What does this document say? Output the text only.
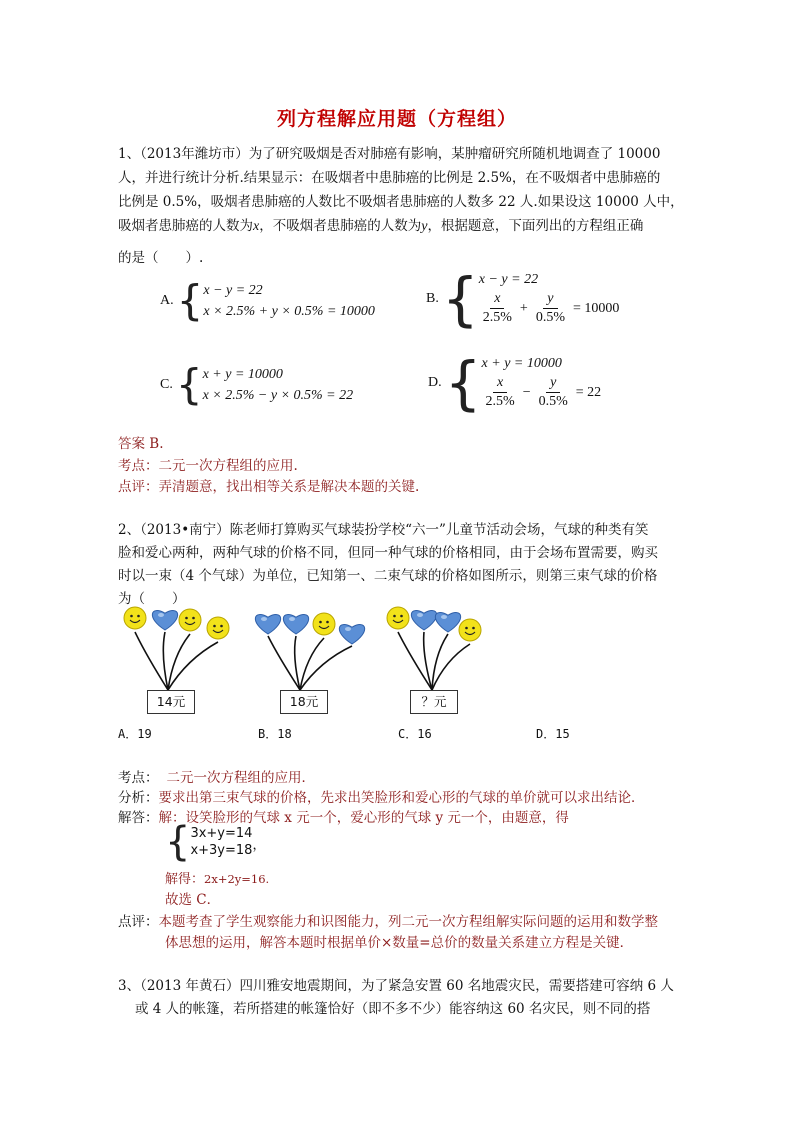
列方程解应用题（方程组）
1、（2013年潍坊市）为了研究吸烟是否对肺癌有影响，某肿瘤研究所随机地调查了 10000
人，并进行统计分析.结果显示：在吸烟者中患肺癌的比例是 2.5%，在不吸烟者中患肺癌的
比例是 0.5%，吸烟者患肺癌的人数比不吸烟者患肺癌的人数多 22 人.如果设这 10000 人中，
吸烟者患肺癌的人数为x，不吸烟者患肺癌的人数为y，根据题意，下面列出的方程组正确
的是（　　）.
A. { x − y = 22
x × 2.5% + y × 0.5% = 10000
B. { x − y = 22
$\frac{x}{2.5\%} + \frac{y}{0.5\%} = 10000$
C. { x + y = 10000
x × 2.5% − y × 0.5% = 22
D. { x + y = 10000
$\frac{x}{2.5\%} - \frac{y}{0.5\%} = 22$
答案 B.
考点：二元一次方程组的应用.
点评：弄清题意，找出相等关系是解决本题的关键.
2、（2013•南宁）陈老师打算购买气球装扮学校“六一”儿童节活动会场，气球的种类有笑
脸和爱心两种，两种气球的价格不同，但同一种气球的价格相同，由于会场布置需要，购买
时以一束（4 个气球）为单位，已知第一、二束气球的价格如图所示，则第三束气球的价格
为（　　）
14元	18元	？元
A．19	B．18	C．16	D．15
考点： 二元一次方程组的应用．
分析：要求出第三束气球的价格，先求出笑脸形和爱心形的气球的单价就可以求出结论．
解答：解：设笑脸形的气球 x 元一个，爱心形的气球 y 元一个，由题意，得
{ 3x+y=14
x+3y=18 ，
解得：2x+2y=16.
故选 C．
点评：本题考查了学生观察能力和识图能力，列二元一次方程组解实际问题的运用和数学整
体思想的运用，解答本题时根据单价×数量=总价的数量关系建立方程是关键．
3、（2013 年黄石）四川雅安地震期间，为了紧急安置 60 名地震灾民，需要搭建可容纳 6 人
或 4 人的帐篷，若所搭建的帐篷恰好（即不多不少）能容纳这 60 名灾民，则不同的搭
